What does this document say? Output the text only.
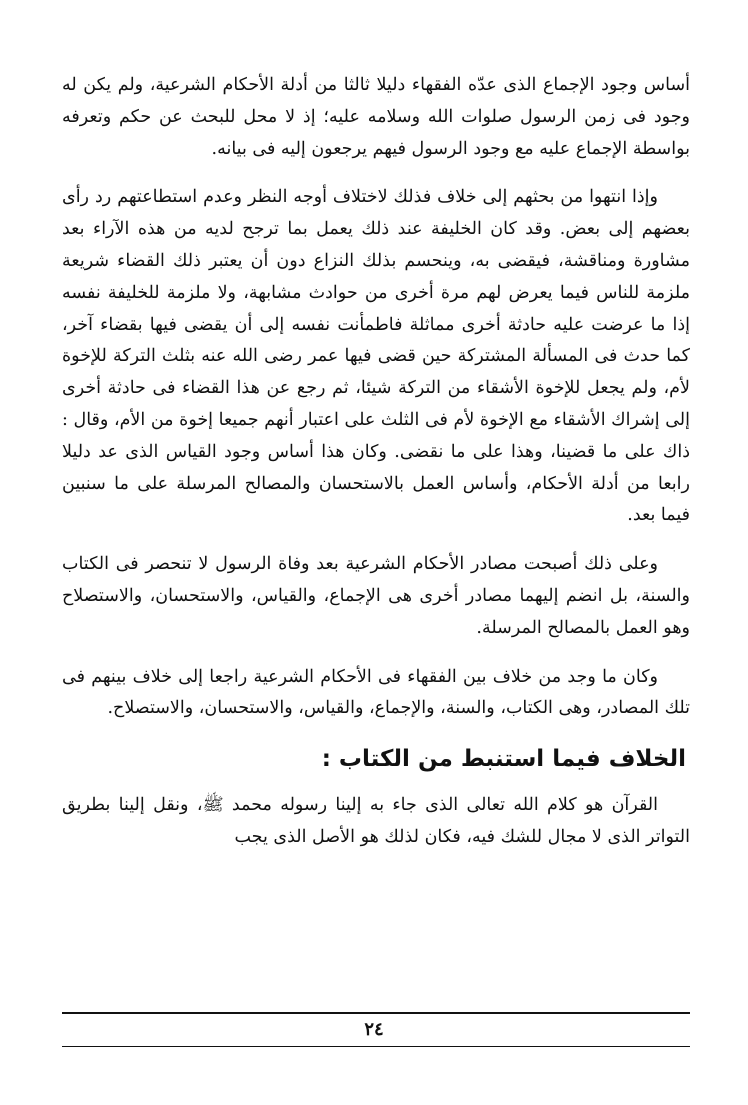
أساس وجود الإجماع الذى عدّه الفقهاء دليلا ثالثا من أدلة الأحكام الشرعية، ولم يكن له وجود فى زمن الرسول صلوات الله وسلامه عليه؛ إذ لا محل للبحث عن حكم وتعرفه بواسطة الإجماع عليه مع وجود الرسول فيهم يرجعون إليه فى بيانه.

وإذا انتهوا من بحثهم إلى خلاف فذلك لاختلاف أوجه النظر وعدم استطاعتهم رد رأى بعضهم إلى بعض. وقد كان الخليفة عند ذلك يعمل بما ترجح لديه من هذه الآراء بعد مشاورة ومناقشة، فيقضى به، وينحسم بذلك النزاع دون أن يعتبر ذلك القضاء شريعة ملزمة للناس فيما يعرض لهم مرة أخرى من حوادث مشابهة، ولا ملزمة للخليفة نفسه إذا ما عرضت عليه حادثة أخرى مماثلة فاطمأنت نفسه إلى أن يقضى فيها بقضاء آخر، كما حدث فى المسألة المشتركة حين قضى فيها عمر رضى الله عنه بثلث التركة للإخوة لأم، ولم يجعل للإخوة الأشقاء من التركة شيئا، ثم رجع عن هذا القضاء فى حادثة أخرى إلى إشراك الأشقاء مع الإخوة لأم فى الثلث على اعتبار أنهم جميعا إخوة من الأم، وقال : ذاك على ما قضينا، وهذا على ما نقضى. وكان هذا أساس وجود القياس الذى عد دليلا رابعا من أدلة الأحكام، وأساس العمل بالاستحسان والمصالح المرسلة على ما سنبين فيما بعد.

وعلى ذلك أصبحت مصادر الأحكام الشرعية بعد وفاة الرسول لا تنحصر فى الكتاب والسنة، بل انضم إليهما مصادر أخرى هى الإجماع، والقياس، والاستحسان، والاستصلاح وهو العمل بالمصالح المرسلة.

وكان ما وجد من خلاف بين الفقهاء فى الأحكام الشرعية راجعا إلى خلاف بينهم فى تلك المصادر، وهى الكتاب، والسنة، والإجماع، والقياس، والاستحسان، والاستصلاح.

الخلاف فيما استنبط من الكتاب :

القرآن هو كلام الله تعالى الذى جاء به إلينا رسوله محمد ﷺ، ونقل إلينا بطريق التواتر الذى لا مجال للشك فيه، فكان لذلك هو الأصل الذى يجب

٢٤
